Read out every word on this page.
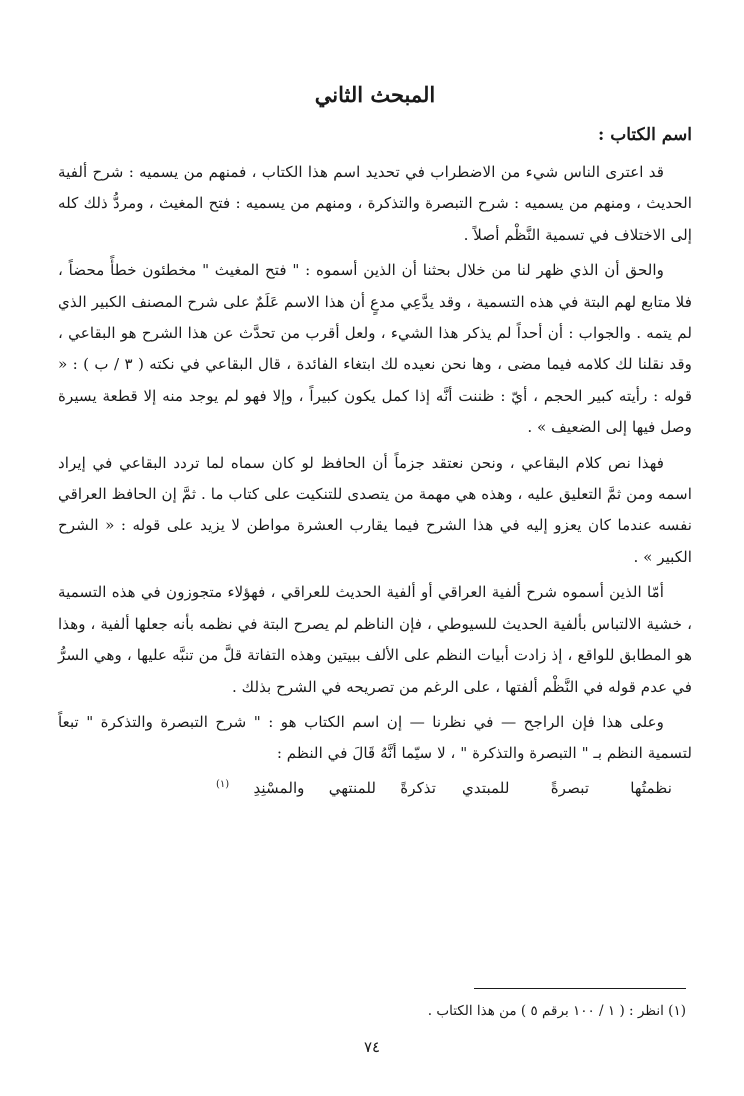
المبحث الثاني
اسم الكتاب :

قد اعترى الناس شيء من الاضطراب في تحديد اسم هذا الكتاب ، فمنهم من يسميه : شرح ألفية الحديث ، ومنهم من يسميه : شرح التبصرة والتذكرة ، ومنهم من يسميه : فتح المغيث ، ومردُّ ذلك كله إلى الاختلاف في تسمية النَّظْم أصلاً .

والحق أن الذي ظهر لنا من خلال بحثنا أن الذين أسموه : " فتح المغيث " مخطئون خطأً محضاً ، فلا متابع لهم البتة في هذه التسمية ، وقد يدَّعِي مدعٍ أن هذا الاسم عَلَمٌ على شرح المصنف الكبير الذي لم يتمه . والجواب : أن أحداً لم يذكر هذا الشيء ، ولعل أقرب من تحدَّث عن هذا الشرح هو البقاعي ، وقد نقلنا لك كلامه فيما مضى ، وها نحن نعيده لك ابتغاء الفائدة ، قال البقاعي في نكته ( ٣ / ب ) : « قوله : رأيته كبير الحجم ، أيّ : ظننت أنَّه إذا كمل يكون كبيراً ، وإلا فهو لم يوجد منه إلا قطعة يسيرة وصل فيها إلى الضعيف » .

فهذا نص كلام البقاعي ، ونحن نعتقد جزماً أن الحافظ لو كان سماه لما تردد البقاعي في إيراد اسمه ومن ثمَّ التعليق عليه ، وهذه هي مهمة من يتصدى للتنكيت على كتاب ما . ثمَّ إن الحافظ العراقي نفسه عندما كان يعزو إليه في هذا الشرح فيما يقارب العشرة مواطن لا يزيد على قوله : « الشرح الكبير » .

أمّا الذين أسموه شرح ألفية العراقي أو ألفية الحديث للعراقي ، فهؤلاء متجوزون في هذه التسمية ، خشية الالتباس بألفية الحديث للسيوطي ، فإن الناظم لم يصرح البتة في نظمه بأنه جعلها ألفية ، وهذا هو المطابق للواقع ، إذ زادت أبيات النظم على الألف ببيتين وهذه التفاتة قلَّ من تنبَّه عليها ، وهي السرُّ في عدم قوله في النَّظْم ألفتها ، على الرغم من تصريحه في الشرح بذلك .

وعلى هذا فإن الراجح — في نظرنا — إن اسم الكتاب هو : " شرح التبصرة والتذكرة " تبعاً لتسمية النظم بـ " التبصرة والتذكرة " ، لا سيّما أنَّهُ قَالَ في النظم :

نظمتُها تبصرةً للمبتديتذكرةً للمنتهي والمسْنِدِ $^{(١)}$

(١) انظر : ( ١ / ١٠٠ برقم ٥ ) من هذا الكتاب .
٧٤
